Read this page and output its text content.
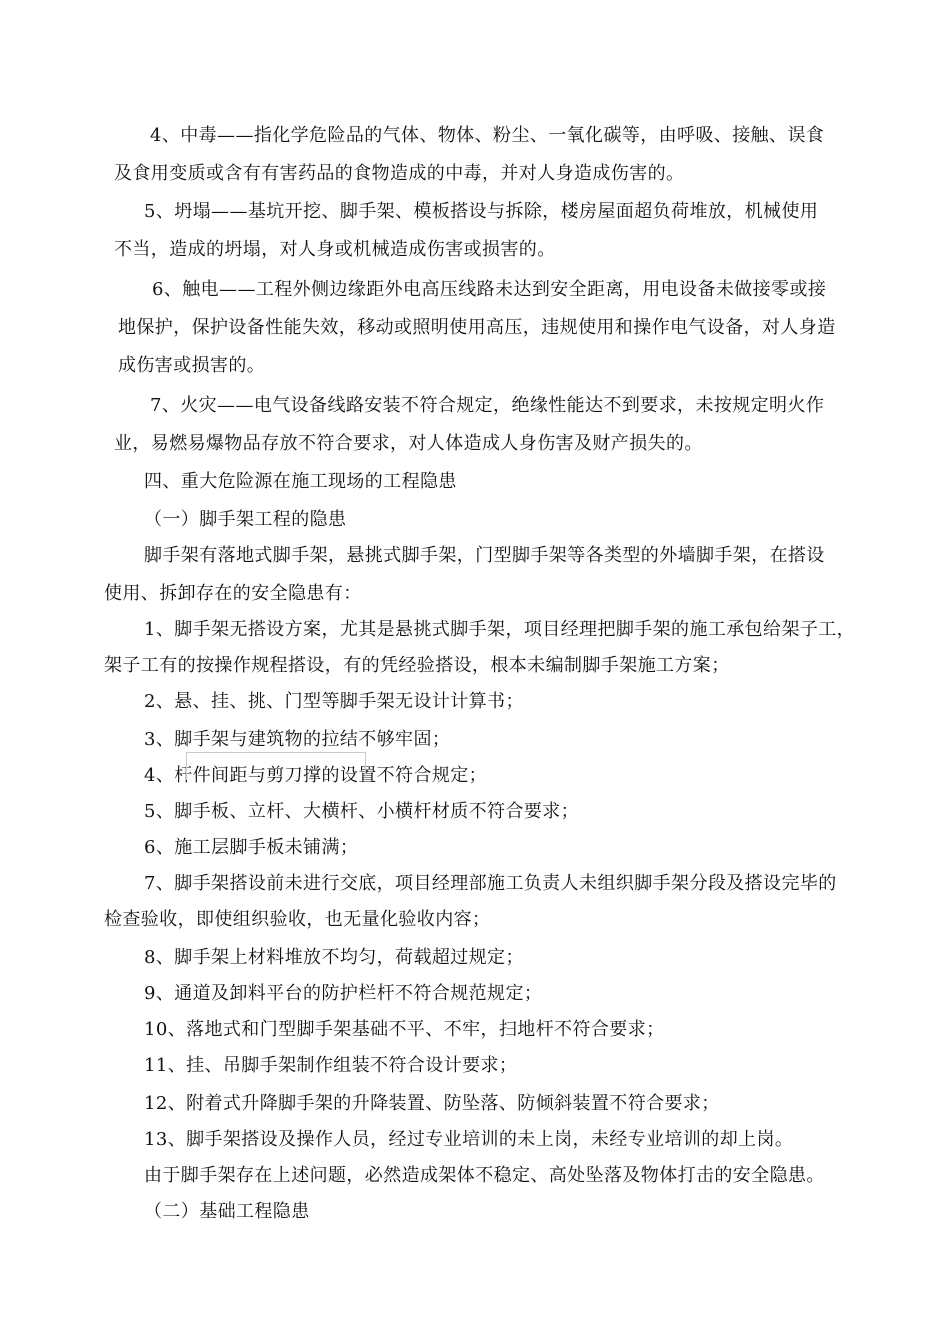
4、中毒——指化学危险品的气体、物体、粉尘、一氧化碳等，由呼吸、接触、误食
及食用变质或含有有害药品的食物造成的中毒，并对人身造成伤害的。
5、坍塌——基坑开挖、脚手架、模板搭设与拆除，楼房屋面超负荷堆放，机械使用
不当，造成的坍塌，对人身或机械造成伤害或损害的。
6、触电——工程外侧边缘距外电高压线路未达到安全距离，用电设备未做接零或接
地保护，保护设备性能失效，移动或照明使用高压，违规使用和操作电气设备，对人身造
成伤害或损害的。
7、火灾——电气设备线路安装不符合规定，绝缘性能达不到要求，未按规定明火作
业，易燃易爆物品存放不符合要求，对人体造成人身伤害及财产损失的。
四、重大危险源在施工现场的工程隐患
（一）脚手架工程的隐患
脚手架有落地式脚手架，悬挑式脚手架，门型脚手架等各类型的外墙脚手架，在搭设
使用、拆卸存在的安全隐患有：
1、脚手架无搭设方案，尤其是悬挑式脚手架，项目经理把脚手架的施工承包给架子工，
架子工有的按操作规程搭设，有的凭经验搭设，根本未编制脚手架施工方案；
2、悬、挂、挑、门型等脚手架无设计计算书；
3、脚手架与建筑物的拉结不够牢固；
4、杆件间距与剪刀撑的设置不符合规定；
5、脚手板、立杆、大横杆、小横杆材质不符合要求；
6、施工层脚手板未铺满；
7、脚手架搭设前未进行交底，项目经理部施工负责人未组织脚手架分段及搭设完毕的
检查验收，即使组织验收，也无量化验收内容；
8、脚手架上材料堆放不均匀，荷载超过规定；
9、通道及卸料平台的防护栏杆不符合规范规定；
10、落地式和门型脚手架基础不平、不牢，扫地杆不符合要求；
11、挂、吊脚手架制作组装不符合设计要求；
12、附着式升降脚手架的升降装置、防坠落、防倾斜装置不符合要求；
13、脚手架搭设及操作人员，经过专业培训的未上岗，未经专业培训的却上岗。
由于脚手架存在上述问题，必然造成架体不稳定、高处坠落及物体打击的安全隐患。
（二）基础工程隐患
